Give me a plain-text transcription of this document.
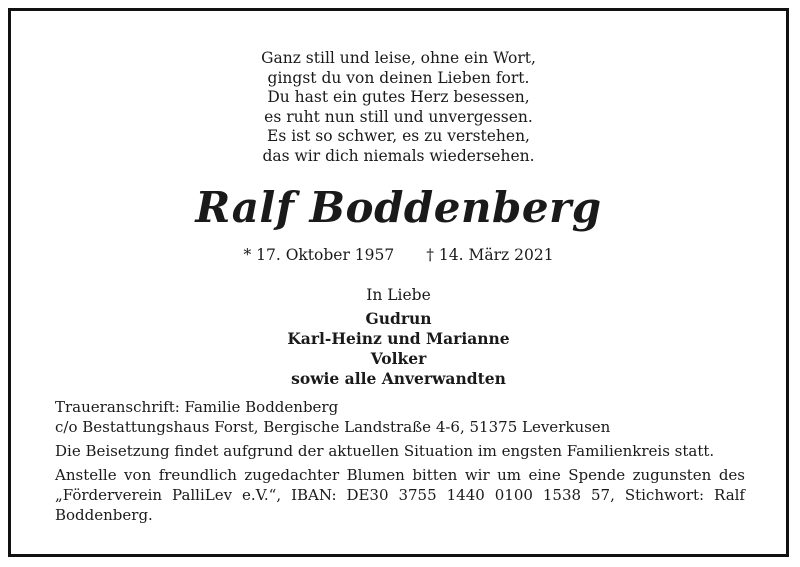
Ganz still und leise, ohne ein Wort,
gingst du von deinen Lieben fort.
Du hast ein gutes Herz besessen,
es ruht nun still und unvergessen.
Es ist so schwer, es zu verstehen,
das wir dich niemals wiedersehen.
Ralf Boddenberg
* 17. Oktober 1957 † 14. März 2021
In Liebe
Gudrun
Karl-Heinz und Marianne
Volker
sowie alle Anverwandten

Traueranschrift: Familie Boddenberg

c/o Bestattungshaus Forst, Bergische Landstraße 4-6, 51375 Leverkusen

Die Beisetzung findet aufgrund der aktuellen Situation im engsten Familienkreis statt.

Anstelle von freundlich zugedachter Blumen bitten wir um eine Spende zugunsten des „Förderverein PalliLev e.V.“, IBAN: DE30 3755 1440 0100 1538 57, Stichwort: Ralf Boddenberg.
